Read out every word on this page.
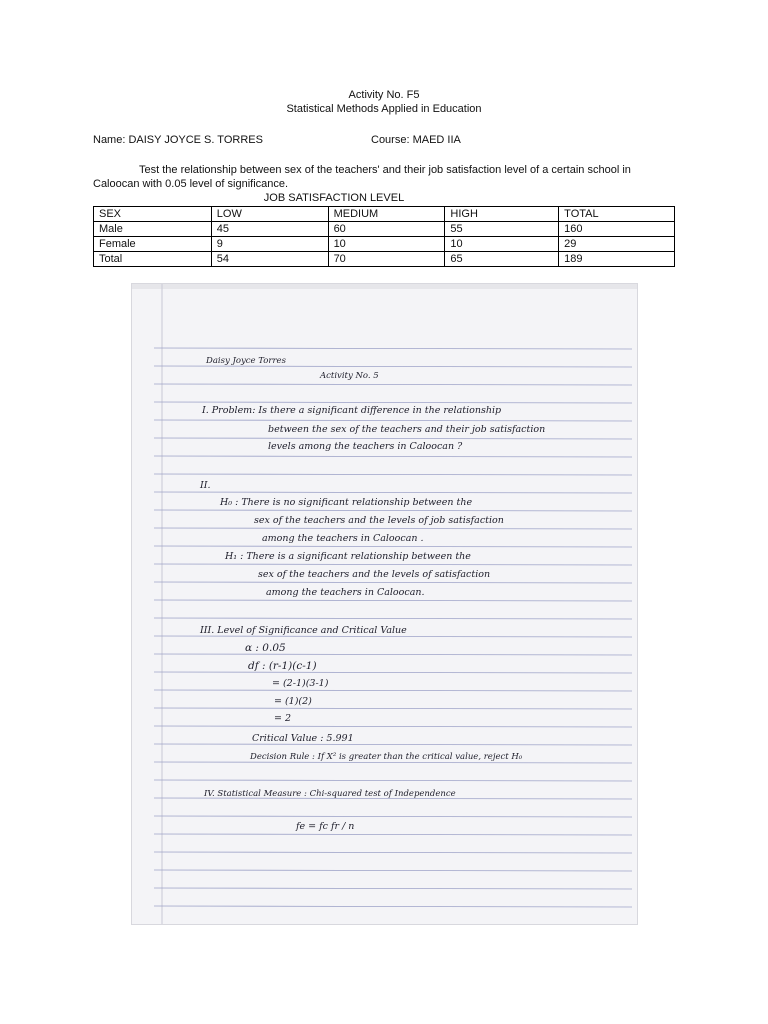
Activity No. F5
Statistical Methods Applied in Education
Name: DAISY JOYCE S. TORRES	Course: MAED IIA
Test the relationship between sex of the teachers' and their job satisfaction level of a certain school in
Caloocan with 0.05 level of significance.
JOB SATISFACTION LEVEL
SEX	LOW	MEDIUM	HIGH	TOTAL
Male	45	60	55	160
Female	9	10	10	29
Total	54	70	65	189
Daisy Joyce Torres
Activity No. 5
I. Problem: Is there a significant difference in the relationship
between the sex of the teachers and their job satisfaction
levels among the teachers in Caloocan ?
II.
H₀ : There is no significant relationship between the
sex of the teachers and the levels of job satisfaction
among the teachers in Caloocan .
H₁ : There is a significant relationship between the
sex of the teachers and the levels of satisfaction
among the teachers in Caloocan.
III. Level of Significance and Critical Value
α : 0.05
df : (r-1)(c-1)
= (2-1)(3-1)
= (1)(2)
= 2
Critical Value : 5.991
Decision Rule : If X² is greater than the critical value, reject H₀
IV. Statistical Measure : Chi-squared test of Independence
fe = fc fr / n
